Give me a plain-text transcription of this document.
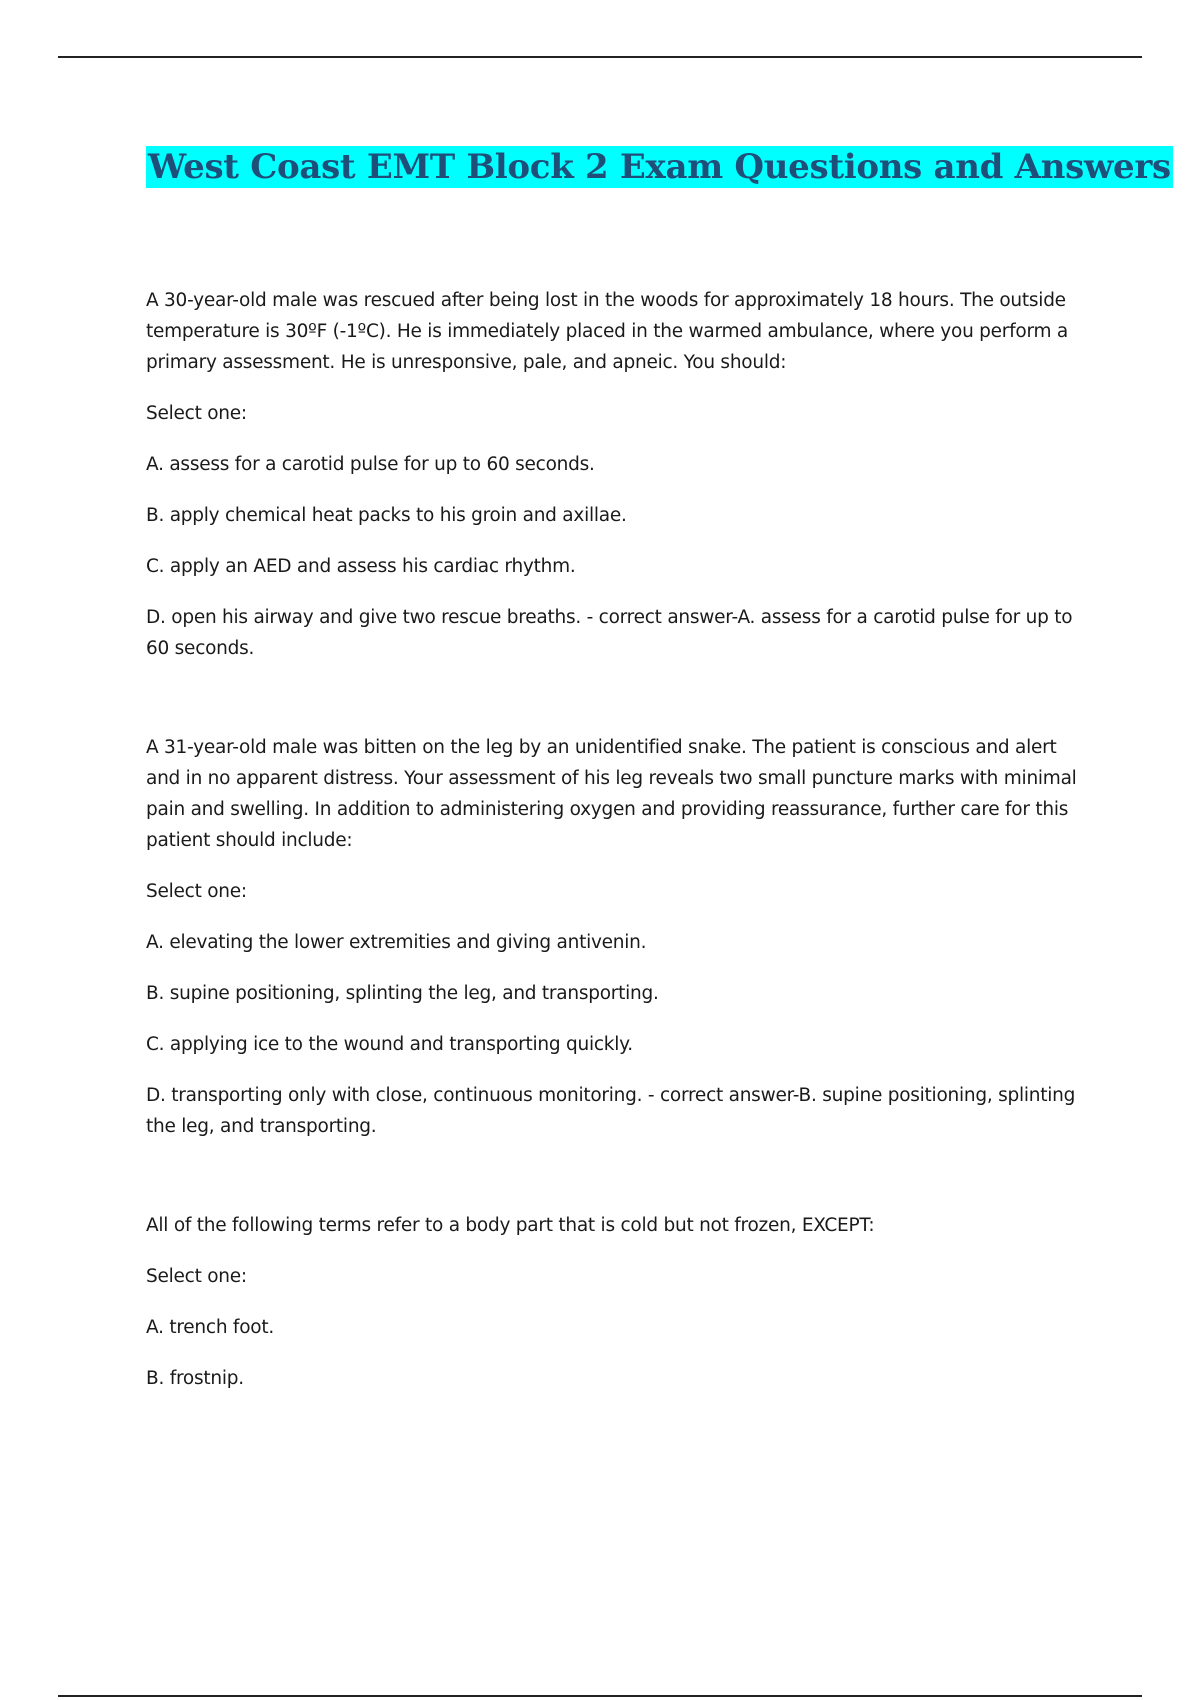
West Coast EMT Block 2 Exam Questions and Answers

A 30-year-old male was rescued after being lost in the woods for approximately 18 hours. The outside temperature is 30ºF (-1ºC). He is immediately placed in the warmed ambulance, where you perform a primary assessment. He is unresponsive, pale, and apneic. You should:

Select one:

A. assess for a carotid pulse for up to 60 seconds.

B. apply chemical heat packs to his groin and axillae.

C. apply an AED and assess his cardiac rhythm.

D. open his airway and give two rescue breaths. - correct answer-A. assess for a carotid pulse for up to 60 seconds.

A 31-year-old male was bitten on the leg by an unidentified snake. The patient is conscious and alert and in no apparent distress. Your assessment of his leg reveals two small puncture marks with minimal pain and swelling. In addition to administering oxygen and providing reassurance, further care for this patient should include:

Select one:

A. elevating the lower extremities and giving antivenin.

B. supine positioning, splinting the leg, and transporting.

C. applying ice to the wound and transporting quickly.

D. transporting only with close, continuous monitoring. - correct answer-B. supine positioning, splinting the leg, and transporting.

All of the following terms refer to a body part that is cold but not frozen, EXCEPT:

Select one:

A. trench foot.

B. frostnip.
